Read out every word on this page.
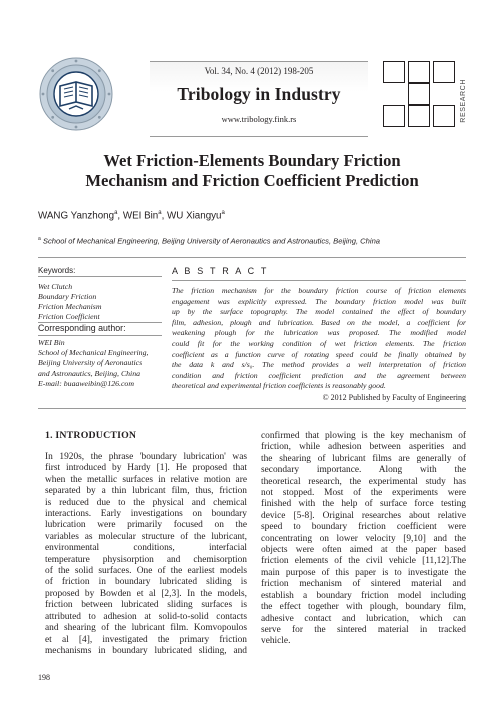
Vol. 34, No. 4 (2012) 198-205
Tribology in Industry
www.tribology.fink.rs	RESEARCH
Wet Friction-Elements Boundary Friction
Mechanism and Friction Coefficient Prediction
WANG Yanzhong$^a$, WEI Bin$^a$, WU Xiangyu$^a$
$^a$ School of Mechanical Engineering, Beijing University of Aeronautics and Astronautics, Beijing, China
Keywords:
Wet Clutch
Boundary Friction
Friction Mechanism
Friction Coefficient
Corresponding author:
WEI Bin
School of Mechanical Engineering,
Beijing University of Aeronautics
and Astronautics, Beijing, China
E-mail: buaaweibin@126.com
A B S T R A C T
The friction mechanism for the boundary friction course of friction elements
engagement was explicitly expressed. The boundary friction model was built
up by the surface topography. The model contained the effect of boundary
film, adhesion, plough and lubrication. Based on the model, a coefficient for
weakening plough for the lubrication was proposed. The modified model
could fit for the working condition of wet friction elements. The friction
coefficient as a function curve of rotating speed could be finally obtained by
the data k and s/s₀. The method provides a well interpretation of friction
condition and friction coefficient prediction and the agreement between
theoretical and experimental friction coefficients is reasonably good.
© 2012 Published by Faculty of Engineering
1. INTRODUCTION
In 1920s, the phrase 'boundary lubrication' was
first introduced by Hardy [1]. He proposed that
when the metallic surfaces in relative motion are
separated by a thin lubricant film, thus, friction
is reduced due to the physical and chemical
interactions. Early investigations on boundary
lubrication were primarily focused on the
variables as molecular structure of the lubricant,
environmental conditions, interfacial
temperature physisorption and chemisorption
of the solid surfaces. One of the earliest models
of friction in boundary lubricated sliding is
proposed by Bowden et al [2,3]. In the models,
friction between lubricated sliding surfaces is
attributed to adhesion at solid-to-solid contacts
and shearing of the lubricant film. Komvopoulos
et al [4], investigated the primary friction
mechanisms in boundary lubricated sliding, and
confirmed that plowing is the key mechanism of
friction, while adhesion between asperities and
the shearing of lubricant films are generally of
secondary importance. Along with the
theoretical research, the experimental study has
not stopped. Most of the experiments were
finished with the help of surface force testing
device [5-8]. Original researches about relative
speed to boundary friction coefficient were
concentrating on lower velocity [9,10] and the
objects were often aimed at the paper based
friction elements of the civil vehicle [11,12].The
main purpose of this paper is to investigate the
friction mechanism of sintered material and
establish a boundary friction model including
the effect together with plough, boundary film,
adhesive contact and lubrication, which can
serve for the sintered material in tracked
vehicle.
198
